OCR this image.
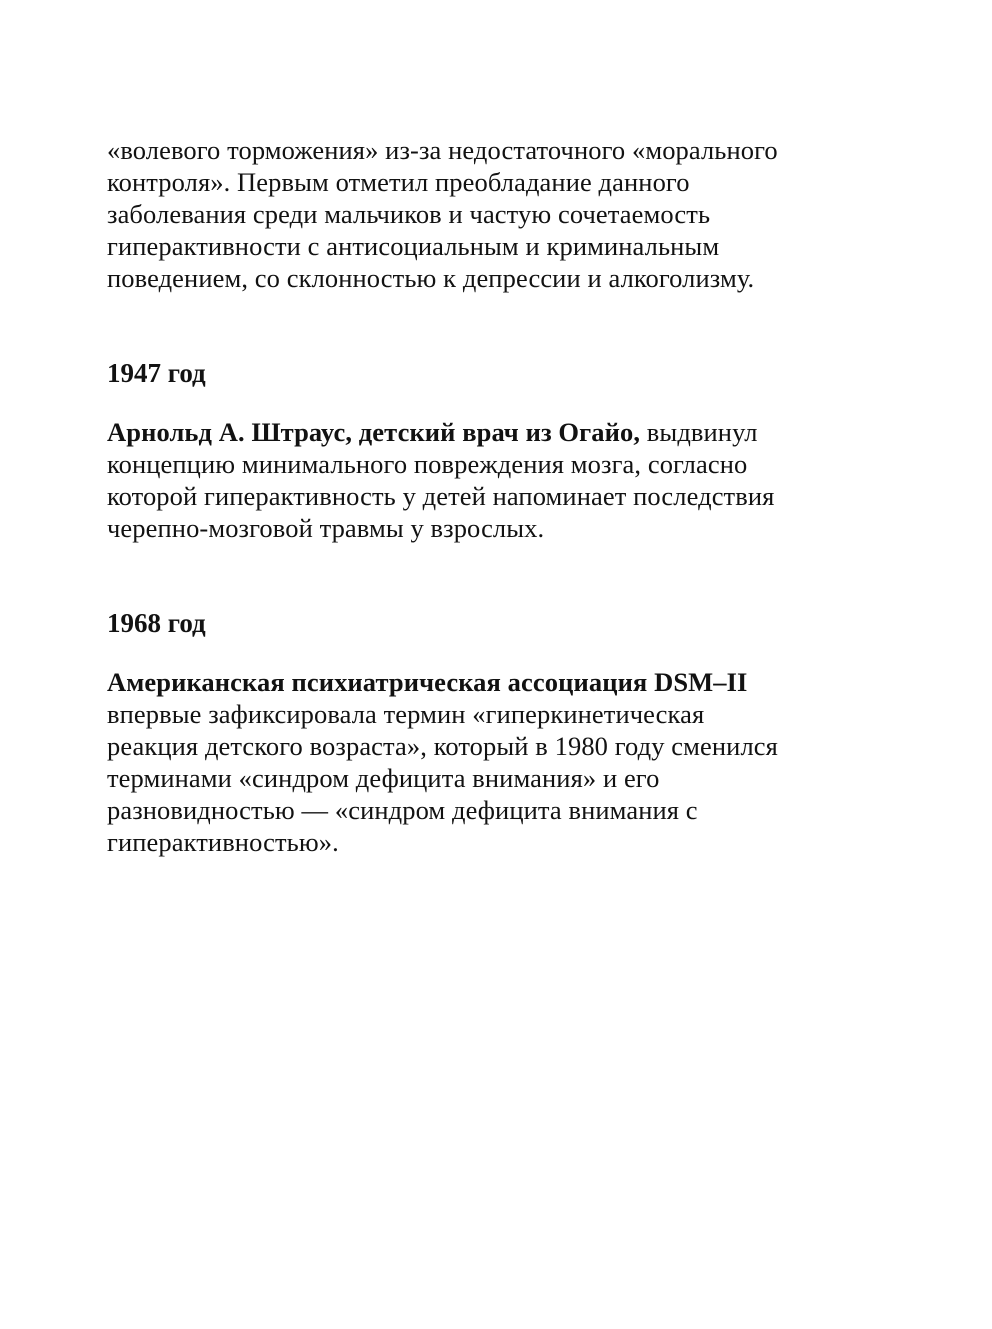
«волевого торможения» из-за недостаточного «морального контроля». Первым отметил преобладание данного заболевания среди мальчиков и частую сочетаемость гиперактивности с антисоциальным и криминальным поведением, со склонностью к депрессии и алкоголизму.

1947 год

Арнольд А. Штраус, детский врач из Огайо, выдвинул концепцию минимального повреждения мозга, согласно которой гиперактивность у детей напоминает последствия черепно-мозговой травмы у взрослых.

1968 год

Американская психиатрическая ассоциация DSM–II впервые зафиксировала термин «гиперкинетическая реакция детского возраста», который в 1980 году сменился терминами «синдром дефицита внимания» и его разновидностью — «синдром дефицита внимания с гиперактивностью».
